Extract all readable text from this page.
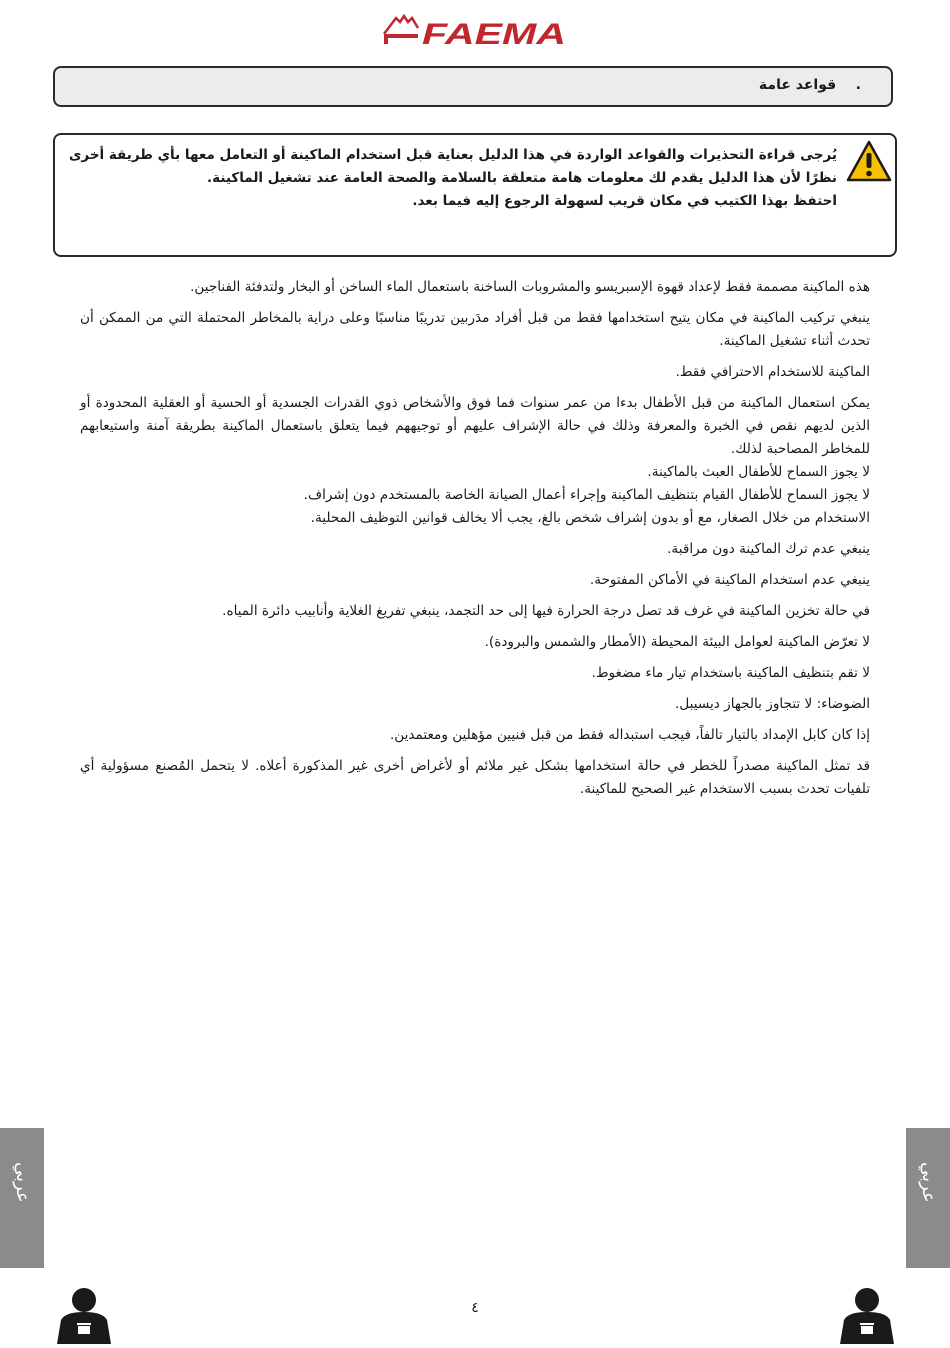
FAEMA
.    قواعد عامة

يُرجى قراءة التحذيرات والقواعد الواردة في هذا الدليل بعناية قبل استخدام الماكينة أو التعامل معها بأي طريقة أخرى نظرًا لأن هذا الدليل يقدم لك معلومات هامة متعلقة بالسلامة والصحة العامة عند تشغيل الماكينة.

احتفظ بهذا الكتيب في مكان قريب لسهولة الرجوع إليه فيما بعد.

هذه الماكينة مصممة فقط لإعداد قهوة الإسبريسو والمشروبات الساخنة باستعمال الماء الساخن أو البخار ولتدفئة الفناجين.

ينبغي تركيب الماكينة في مكان يتيح استخدامها فقط من قبل أفراد مدَربين تدريبًا مناسبًا وعلى دراية بالمخاطر المحتملة التي من الممكن أن تحدث أثناء تشغيل الماكينة.

الماكينة للاستخدام الاحترافي فقط.

يمكن استعمال الماكينة من قبل الأطفال بدءا من عمر سنوات فما فوق والأشخاص ذوي القدرات الجسدية أو الحسية أو العقلية المحدودة أو الذين لديهم نقص في الخبرة والمعرفة وذلك في حالة الإشراف عليهم أو توجيههم فيما يتعلق باستعمال الماكينة بطريقة آمنة واستيعابهم للمخاطر المصاحبة لذلك.

لا يجوز السماح للأطفال العبث بالماكينة.

لا يجوز السماح للأطفال القيام بتنظيف الماكينة وإجراء أعمال الصيانة الخاصة بالمستخدم دون إشراف.

الاستخدام من خلال الصغار، مع أو بدون إشراف شخص بالغ، يجب ألا يخالف قوانين التوظيف المحلية.

ينبغي عدم ترك الماكينة دون مراقبة.

ينبغي عدم استخدام الماكينة في الأماكن المفتوحة.

في حالة تخزين الماكينة في غرف قد تصل درجة الحرارة فيها إلى حد التجمد، ينبغي تفريغ الغلاية وأنابيب دائرة المياه.

لا تعرّض الماكينة لعوامل البيئة المحيطة (الأمطار والشمس والبرودة).

لا تقم بتنظيف الماكينة باستخدام تيار ماء مضغوط.

الضوضاء: لا تتجاوز بالجهاز ديسيبل.

إذا كان كابل الإمداد بالتيار تالفاً، فيجب استبداله فقط من قبل فنيين مؤهلين ومعتمدين.

قد تمثل الماكينة مصدراً للخطر في حالة استخدامها بشكل غير ملائم أو لأغراض أخرى غير المذكورة أعلاه. لا يتحمل المُصنع مسؤولية أي تلفيات تحدث بسبب الاستخدام غير الصحيح للماكينة.

عربي	عربي
٤
